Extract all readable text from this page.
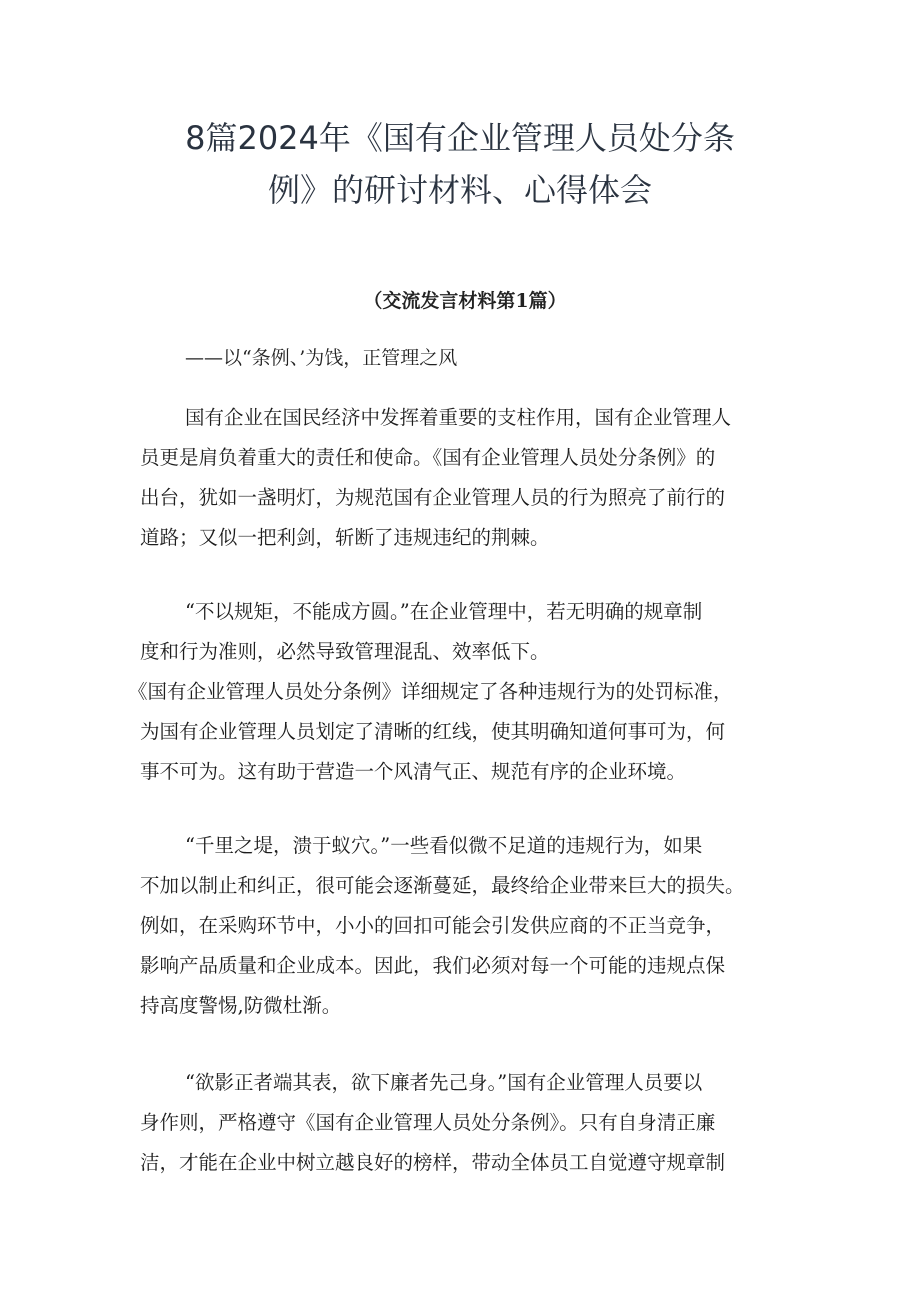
8篇2024年《国有企业管理人员处分条
例》的研讨材料、心得体会

（交流发言材料第1篇）

——以“条例、’为饯，正管理之风

国有企业在国民经济中发挥着重要的支柱作用，国有企业管理人
员更是肩负着重大的责任和使命。《国有企业管理人员处分条例》的
出台，犹如一盏明灯，为规范国有企业管理人员的行为照亮了前行的
道路；又似一把利剑，斩断了违规违纪的荆棘。

“不以规矩，不能成方圆。”在企业管理中，若无明确的规章制
度和行为准则，必然导致管理混乱、效率低下。
《国有企业管理人员处分条例》详细规定了各种违规行为的处罚标准，
为国有企业管理人员划定了清晰的红线，使其明确知道何事可为，何
事不可为。这有助于营造一个风清气正、规范有序的企业环境。

“千里之堤，溃于蚁穴。”一些看似微不足道的违规行为，如果
不加以制止和纠正，很可能会逐渐蔓延，最终给企业带来巨大的损失。
例如，在采购环节中，小小的回扣可能会引发供应商的不正当竞争，
影响产品质量和企业成本。因此，我们必须对每一个可能的违规点保
持高度警惕,防微杜渐。

“欲影正者端其表，欲下廉者先己身。”国有企业管理人员要以
身作则，严格遵守《国有企业管理人员处分条例》。只有自身清正廉
洁，才能在企业中树立越良好的榜样，带动全体员工自觉遵守规章制
